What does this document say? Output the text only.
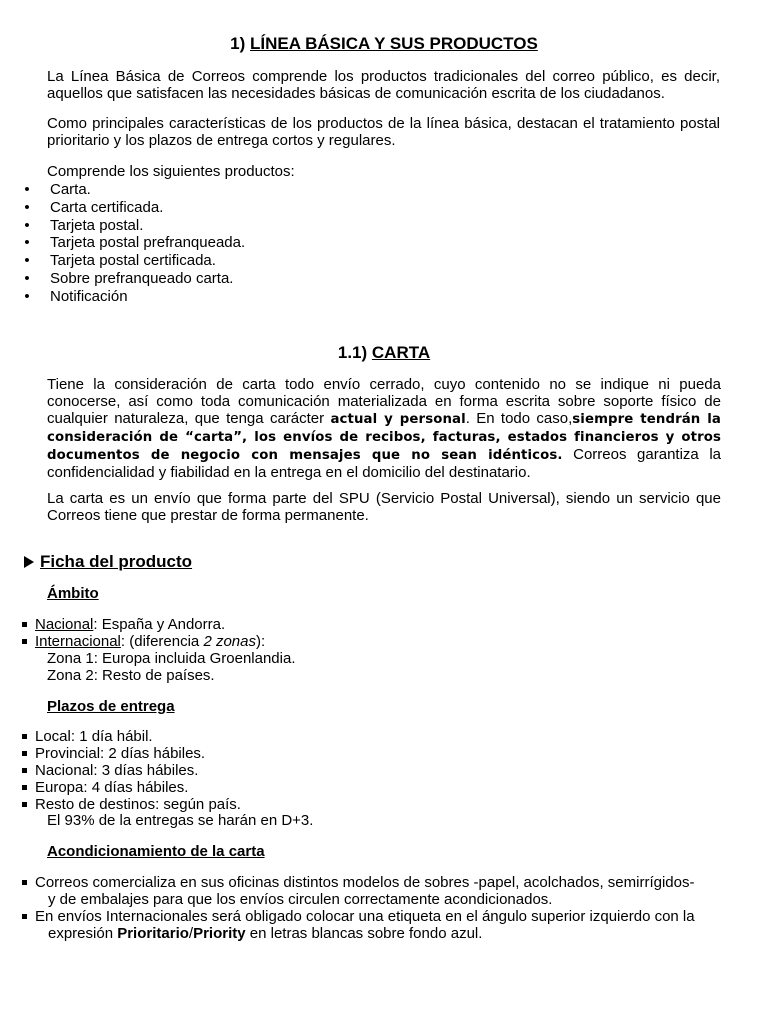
1) LÍNEA BÁSICA Y SUS PRODUCTOS
La Línea Básica de Correos comprende los productos tradicionales del correo público, es decir, aquellos que satisfacen las necesidades básicas de comunicación escrita de los ciudadanos.
Como principales características de los productos de la línea básica, destacan el tratamiento postal prioritario y los plazos de entrega cortos y regulares.
Comprende los siguientes productos:
• Carta.
• Carta certificada.
• Tarjeta postal.
• Tarjeta postal prefranqueada.
• Tarjeta postal certificada.
• Sobre prefranqueado carta.
• Notificación
1.1) CARTA
Tiene la consideración de carta todo envío cerrado, cuyo contenido no se indique ni pueda conocerse, así como toda comunicación materializada en forma escrita sobre soporte físico de cualquier naturaleza, que tenga carácter actual y personal. En todo caso,siempre tendrán la consideración de “carta”, los envíos de recibos, facturas, estados financieros y otros documentos de negocio con mensajes que no sean idénticos. Correos garantiza la confidencialidad y fiabilidad en la entrega en el domicilio del destinatario.
La carta es un envío que forma parte del SPU (Servicio Postal Universal), siendo un servicio que Correos tiene que prestar de forma permanente.
Ficha del producto
Ámbito
Nacional: España y Andorra.
Internacional: (diferencia 2 zonas):
Zona 1: Europa incluida Groenlandia.
Zona 2: Resto de países.
Plazos de entrega
Local: 1 día hábil.
Provincial: 2 días hábiles.
Nacional: 3 días hábiles.
Europa: 4 días hábiles.
Resto de destinos: según país.
El 93% de la entregas se harán en D+3.
Acondicionamiento de la carta
Correos comercializa en sus oficinas distintos modelos de sobres -papel, acolchados, semirrígidos-
y de embalajes para que los envíos circulen correctamente acondicionados.
En envíos Internacionales será obligado colocar una etiqueta en el ángulo superior izquierdo con la
expresión Prioritario/Priority en letras blancas sobre fondo azul.
